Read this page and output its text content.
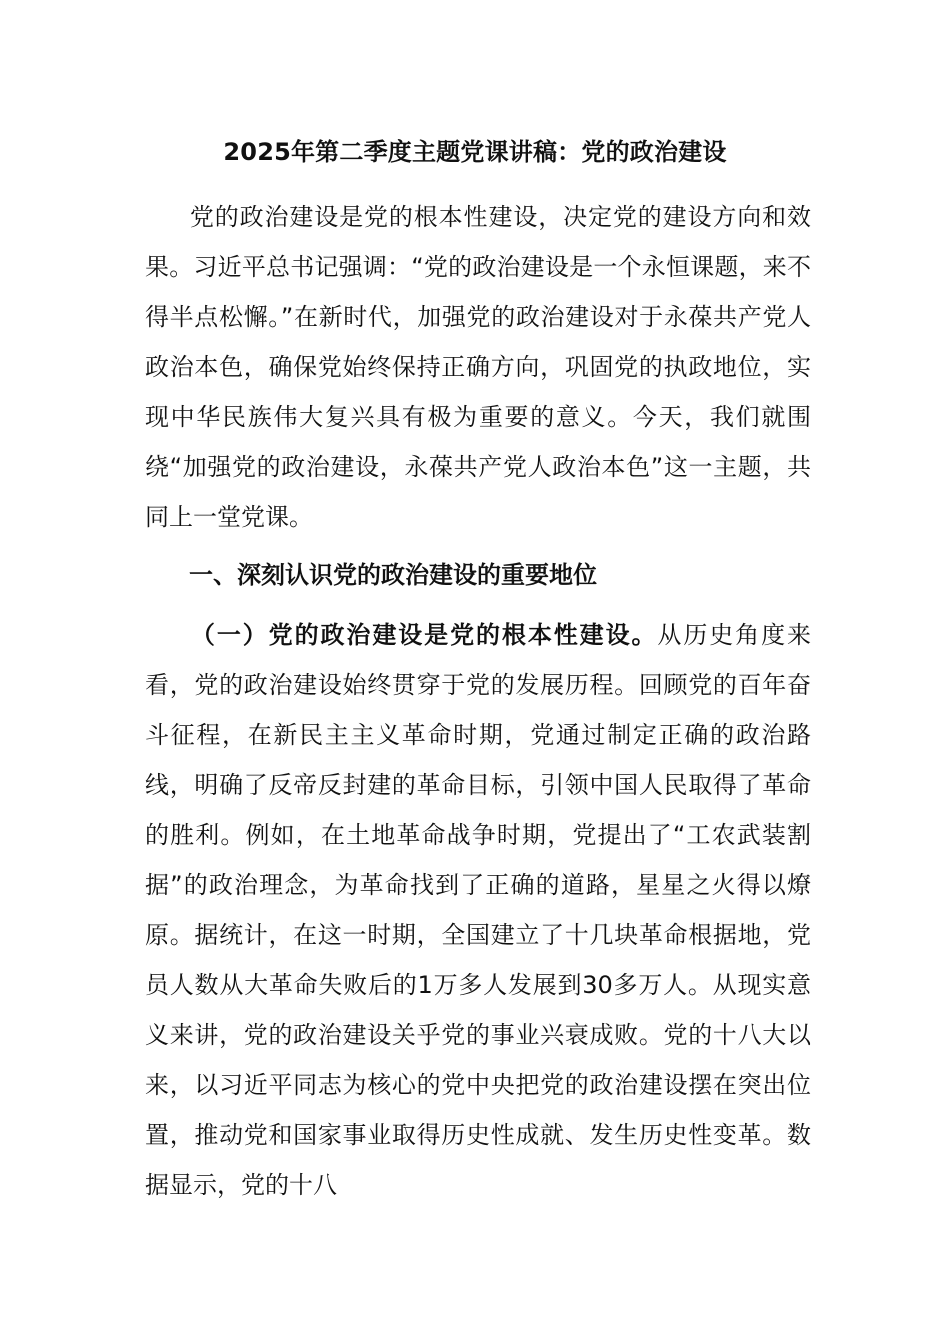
2025年第二季度主题党课讲稿：党的政治建设
党的政治建设是党的根本性建设，决定党的建设方向和效果。习近平总书记强调：“党的政治建设是一个永恒课题，来不得半点松懈。”在新时代，加强党的政治建设对于永葆共产党人政治本色，确保党始终保持正确方向，巩固党的执政地位，实现中华民族伟大复兴具有极为重要的意义。今天，我们就围绕“加强党的政治建设，永葆共产党人政治本色”这一主题，共同上一堂党课。
一、深刻认识党的政治建设的重要地位
（一）党的政治建设是党的根本性建设。从历史角度来看，党的政治建设始终贯穿于党的发展历程。回顾党的百年奋斗征程，在新民主主义革命时期，党通过制定正确的政治路线，明确了反帝反封建的革命目标，引领中国人民取得了革命的胜利。例如，在土地革命战争时期，党提出了“工农武装割据”的政治理念，为革命找到了正确的道路，星星之火得以燎原。据统计，在这一时期，全国建立了十几块革命根据地，党员人数从大革命失败后的1万多人发展到30多万人。从现实意义来讲，党的政治建设关乎党的事业兴衰成败。党的十八大以来，以习近平同志为核心的党中央把党的政治建设摆在突出位置，推动党和国家事业取得历史性成就、发生历史性变革。数据显示，党的十八
